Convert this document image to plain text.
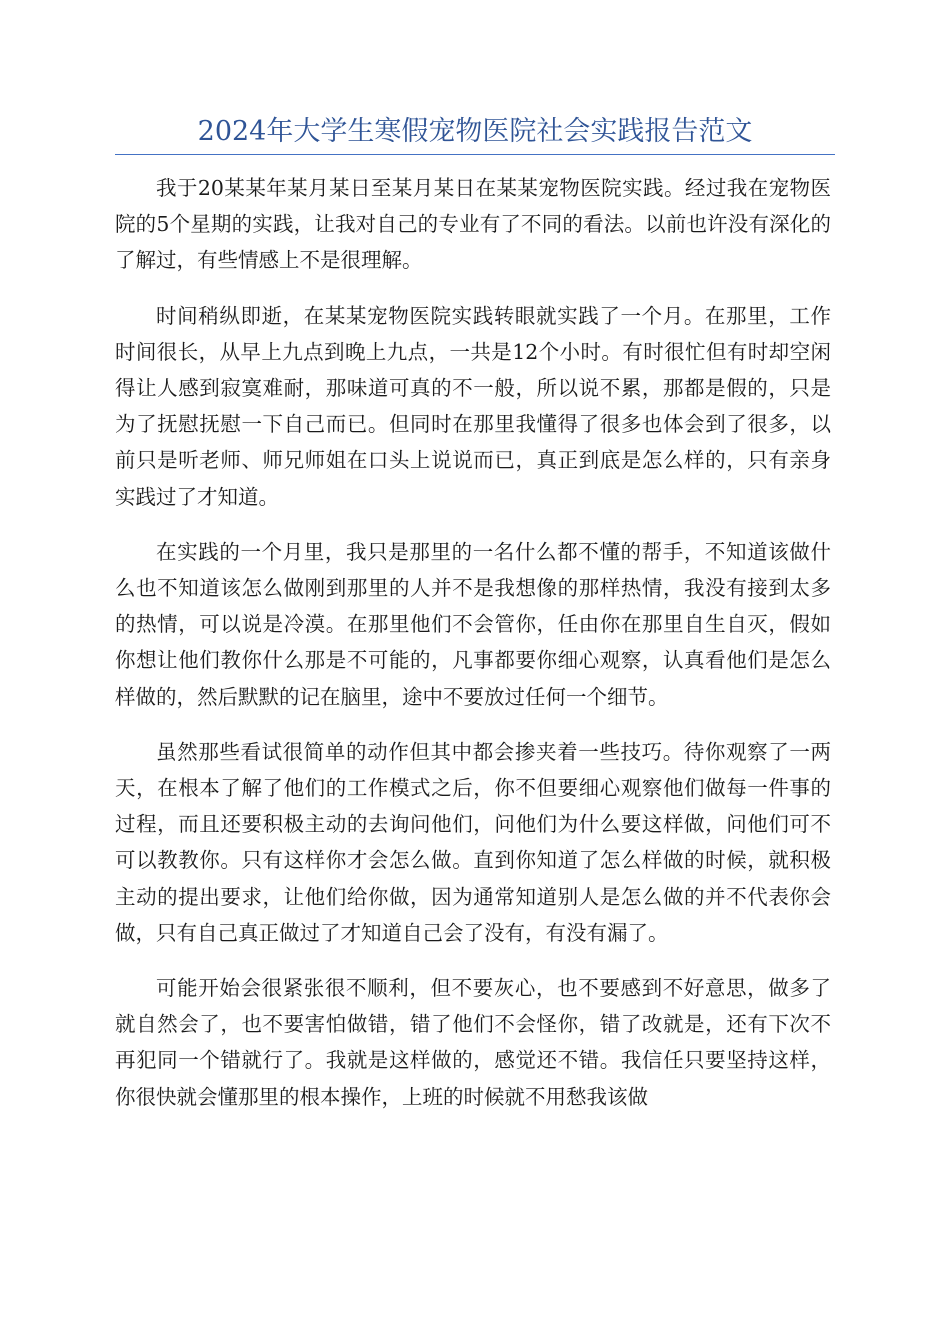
2024年大学生寒假宠物医院社会实践报告范文

我于20某某年某月某日至某月某日在某某宠物医院实践。经过我在宠物医院的5个星期的实践，让我对自己的专业有了不同的看法。以前也许没有深化的了解过，有些情感上不是很理解。

时间稍纵即逝，在某某宠物医院实践转眼就实践了一个月。在那里，工作时间很长，从早上九点到晚上九点，一共是12个小时。有时很忙但有时却空闲得让人感到寂寞难耐，那味道可真的不一般，所以说不累，那都是假的，只是为了抚慰抚慰一下自己而已。但同时在那里我懂得了很多也体会到了很多，以前只是听老师、师兄师姐在口头上说说而已，真正到底是怎么样的，只有亲身实践过了才知道。

在实践的一个月里，我只是那里的一名什么都不懂的帮手，不知道该做什么也不知道该怎么做刚到那里的人并不是我想像的那样热情，我没有接到太多的热情，可以说是冷漠。在那里他们不会管你，任由你在那里自生自灭，假如你想让他们教你什么那是不可能的，凡事都要你细心观察，认真看他们是怎么样做的，然后默默的记在脑里，途中不要放过任何一个细节。

虽然那些看试很简单的动作但其中都会掺夹着一些技巧。待你观察了一两天，在根本了解了他们的工作模式之后，你不但要细心观察他们做每一件事的过程，而且还要积极主动的去询问他们，问他们为什么要这样做，问他们可不可以教教你。只有这样你才会怎么做。直到你知道了怎么样做的时候，就积极主动的提出要求，让他们给你做，因为通常知道别人是怎么做的并不代表你会做，只有自己真正做过了才知道自己会了没有，有没有漏了。

可能开始会很紧张很不顺利，但不要灰心，也不要感到不好意思，做多了就自然会了，也不要害怕做错，错了他们不会怪你，错了改就是，还有下次不再犯同一个错就行了。我就是这样做的，感觉还不错。我信任只要坚持这样，你很快就会懂那里的根本操作，上班的时候就不用愁我该做
